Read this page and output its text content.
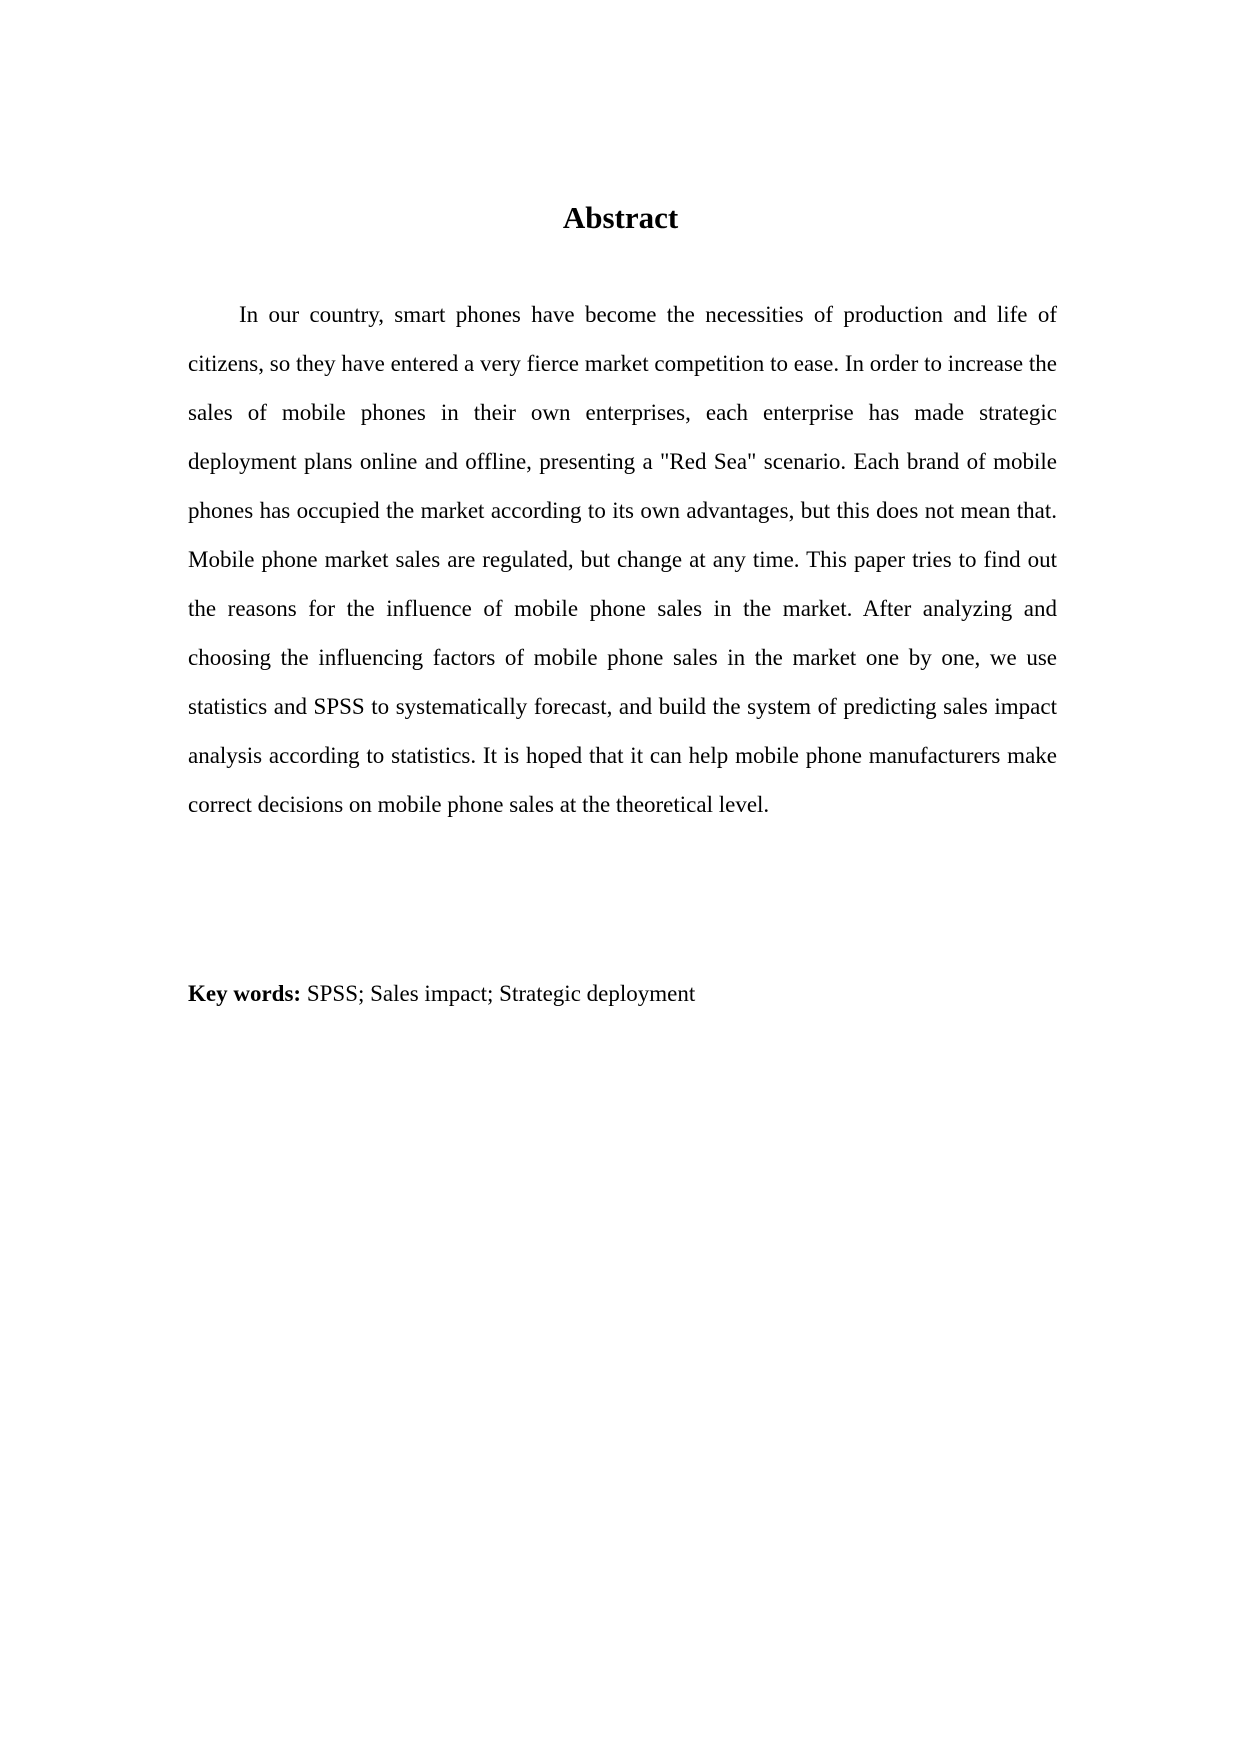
Abstract

In our country, smart phones have become the necessities of production and life of citizens, so they have entered a very fierce market competition to ease. In order to increase the sales of mobile phones in their own enterprises, each enterprise has made strategic deployment plans online and offline, presenting a "Red Sea" scenario. Each brand of mobile phones has occupied the market according to its own advantages, but this does not mean that. Mobile phone market sales are regulated, but change at any time. This paper tries to find out the reasons for the influence of mobile phone sales in the market. After analyzing and choosing the influencing factors of mobile phone sales in the market one by one, we use statistics and SPSS to systematically forecast, and build the system of predicting sales impact analysis according to statistics. It is hoped that it can help mobile phone manufacturers make correct decisions on mobile phone sales at the theoretical level.

Key words: SPSS; Sales impact; Strategic deployment
